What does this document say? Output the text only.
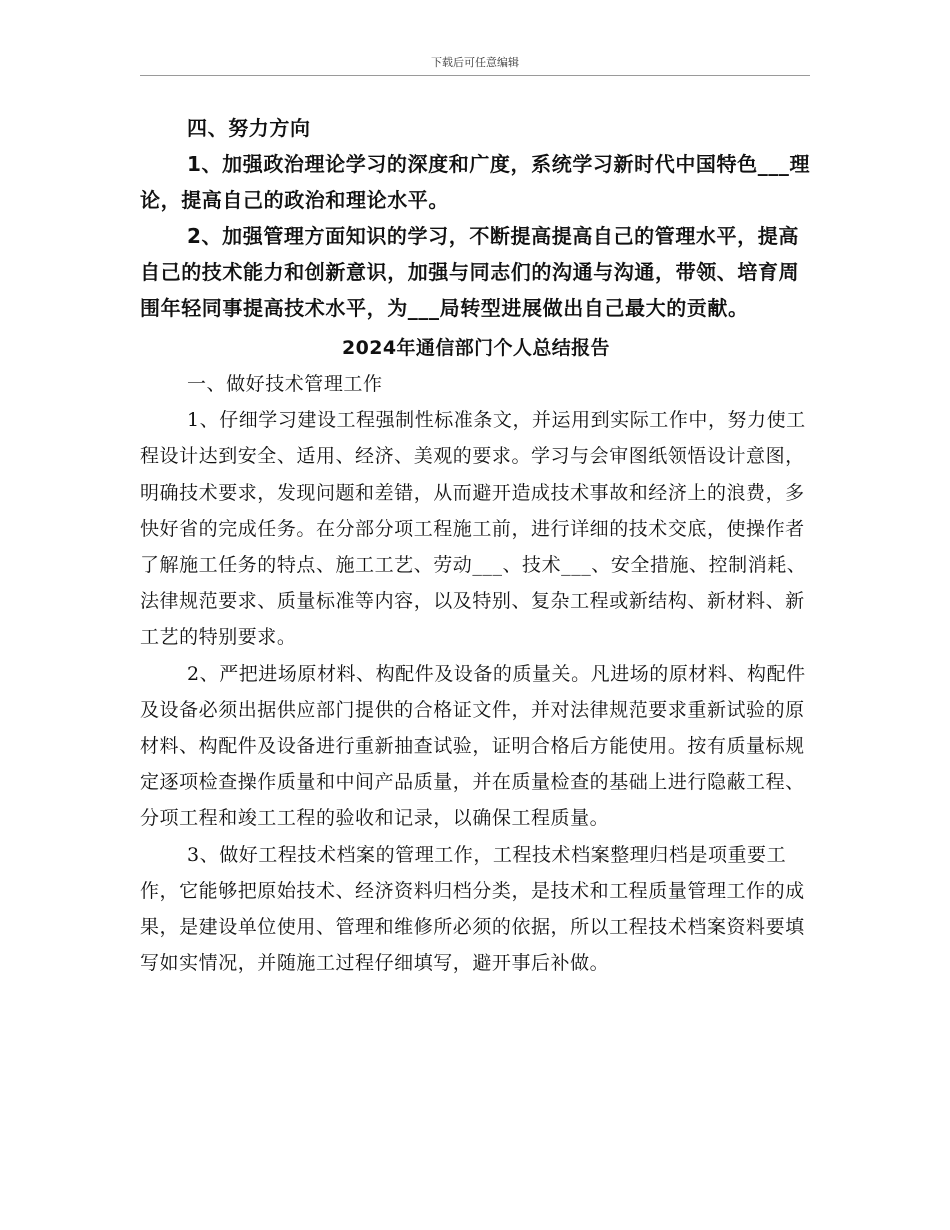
下载后可任意编辑

四、努力方向

1、加强政治理论学习的深度和广度，系统学习新时代中国特色___理论，提高自己的政治和理论水平。

2、加强管理方面知识的学习，不断提高提高自己的管理水平，提高自己的技术能力和创新意识，加强与同志们的沟通与沟通，带领、培育周围年轻同事提高技术水平，为___局转型进展做出自己最大的贡献。

2024年通信部门个人总结报告

一、做好技术管理工作

1、仔细学习建设工程强制性标准条文，并运用到实际工作中，努力使工程设计达到安全、适用、经济、美观的要求。学习与会审图纸领悟设计意图，明确技术要求，发现问题和差错，从而避开造成技术事故和经济上的浪费，多快好省的完成任务。在分部分项工程施工前，进行详细的技术交底，使操作者了解施工任务的特点、施工工艺、劳动___、技术___、安全措施、控制消耗、法律规范要求、质量标准等内容，以及特别、复杂工程或新结构、新材料、新工艺的特别要求。

2、严把进场原材料、构配件及设备的质量关。凡进场的原材料、构配件及设备必须出据供应部门提供的合格证文件，并对法律规范要求重新试验的原材料、构配件及设备进行重新抽查试验，证明合格后方能使用。按有质量标规定逐项检查操作质量和中间产品质量，并在质量检查的基础上进行隐蔽工程、分项工程和竣工工程的验收和记录，以确保工程质量。

3、做好工程技术档案的管理工作，工程技术档案整理归档是项重要工作，它能够把原始技术、经济资料归档分类，是技术和工程质量管理工作的成果，是建设单位使用、管理和维修所必须的依据，所以工程技术档案资料要填写如实情况，并随施工过程仔细填写，避开事后补做。
